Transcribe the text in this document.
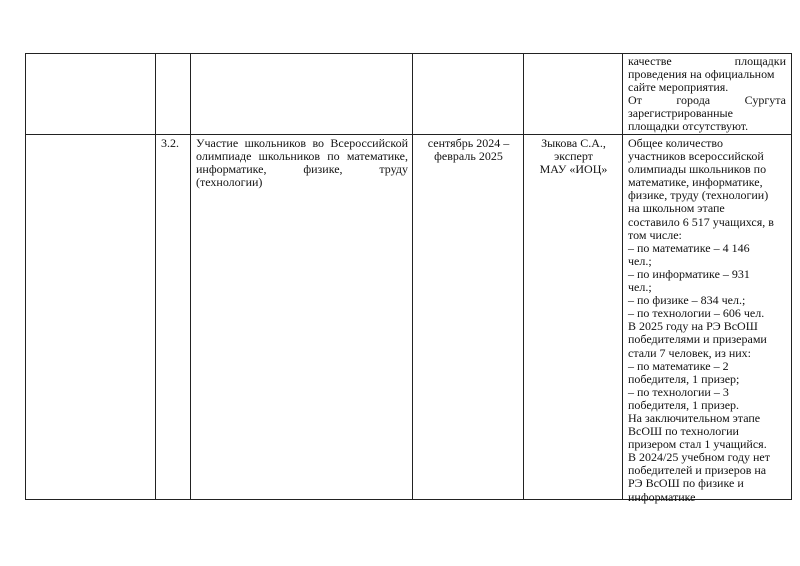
качестве площадки
проведения на официальном
сайте мероприятия.
От города Сургута
зарегистрированные
площадки отсутствуют.
3.2.	Участие школьников во Всероссийской олимпиаде школьников по математике, информатике, физике, труду (технологии)
сентябрь 2024 –
февраль 2025
Зыкова С.А.,
эксперт
МАУ «ИОЦ»
Общее количество
участников всероссийской
олимпиады школьников по
математике, информатике,
физике, труду (технологии)
на школьном этапе
составило 6 517 учащихся, в
том числе:
– по математике – 4 146
чел.;
– по информатике – 931
чел.;
– по физике – 834 чел.;
– по технологии – 606 чел.
В 2025 году на РЭ ВсОШ
победителями и призерами
стали 7 человек, из них:
– по математике – 2
победителя, 1 призер;
– по технологии – 3
победителя, 1 призер.
На заключительном этапе
ВсОШ по технологии
призером стал 1 учащийся.
В 2024/25 учебном году нет
победителей и призеров на
РЭ ВсОШ по физике и
информатике
